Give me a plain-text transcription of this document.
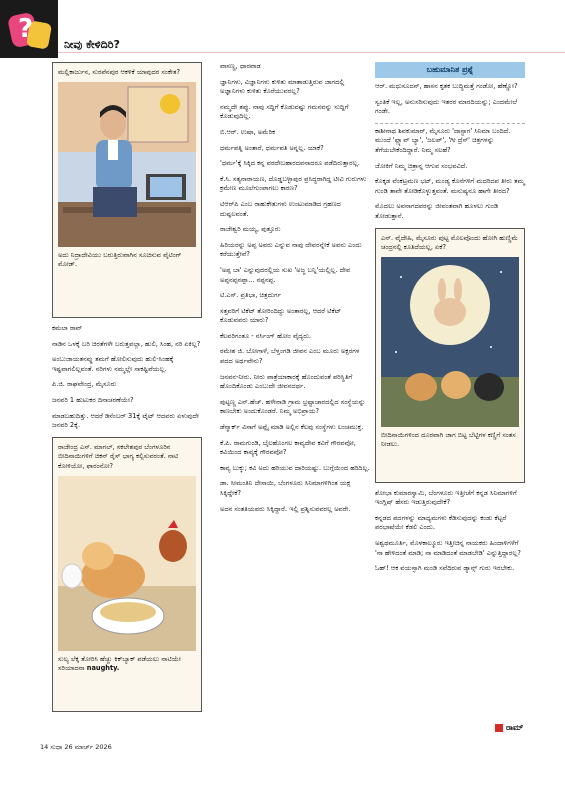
?
ನೀವು ಕೇಳಿದಿರಿ?
ಮಲ್ಲಿಕಾರ್ಜುನ, ಸುರಪೆನಪುರ ಆಕಳಿಕೆ ಯಾವುದರ ಸಂಕೇತ?
ಅದು ನಿದ್ರಾದೇವಿಯು ಬರುತ್ತಿರುವಾಗಿನ ಸೂಚಿಸುವ ವೈಟಿಂಗ್ ಮೋಡ್.

ಕಮಲಾ ರಾವ್

ನಾಡಿನ ಒಳಕ್ಕೆ ಬರಿ ಚಿರತೆಗಳೇ ಬರುತ್ತವಲ್ಲಾ, ಹುಲಿ, ಸಿಂಹ, ನರಿ ಏಕಿಲ್ಲ?

ಅಂಬುಜಾಯತನವ್ನು ತಮಗೆ ಹೋಲಿಸುವುದು ಹುಲಿ-ಸಿಂಹಕ್ಕೆ ಇಷ್ಟವಾಗಲಿಲ್ಲವಂತೆ. ನರಿಗಳು ನಮ್ಮಲ್ಲೇ ಸಾಕಷ್ಟಿವೆಯಲ್ಲ.

ಪಿ.ಜಿ. ರಾಘವೇಂದ್ರ, ಮೈಸೂರು

ಜನವರಿ 1 ಹುಟುಕರ ದಿನಾಚರಣೆಯೇ?

ಮಾಡಬಹುದಿತ್ತು. ಆದರೆ ಡಿಸೆಂಬರ್ 31ಕ್ಕೆ ಟೈಟ್ ಆದವರು ಏಳುವುದೇ ಜನವರಿ 2ಕ್ಕೆ.

ರಾಜೇಂದ್ರ ಎಸ್. ಮಾಗಲ್, ಸಕಲೇಶಪುರ ಬೆಂಗಳೂರಿನ ಬೀದಿನಾಯಿಗಳಿಗೆ ಚಿಕನ್ ರೈಸ್ ಭಾಗ್ಯ ಕಲ್ಪಿಸುವರಂತೆ. ನಾಟಿ ಕೋಳಿಯೋ, ಫಾರಂನೋ?
ಸುಲ್ಯ ಲೆಕ್ಕ ತೋರಿಸಿ ಹೆಚ್ಚು ಕಿಕ್‌ಬ್ಯಾಕ್ ಪಡೆಯಲು ನಾಟಿಯೇ ಸರಿಯಾದನಾ naughty.

ವಾಸಣ್ಣ, ಧಾರವಾಡ

ಜ್ಞಾನಿಗಳು, ವಿಜ್ಞಾನಿಗಳು ಕುಳಿತು ಮಾತಾಡುತ್ತಿರುವ ಜಾಗದಲ್ಲಿ ಅಜ್ಞಾನಿಗಳು ಕುಳಿತು ಕೊರೆಯುವರಲ್ಲ?

ನಮ್ಮದೇ ತಪ್ಪು. ನಾವು ಸದ್ದಿಗೆ ಕೊಡುವಷ್ಟು ಗಮನವನ್ನು ಸುದ್ದಿಗೆ ಕೊಡುವುದಿಲ್ಲ.

ಬಿ.ಆರ್. ಉಷಾ, ಅಮೆರಿಕ

ಧರ್ಮಪತ್ನಿ ಅಂತಾರೆ, ಧರ್ಮಪತಿ ಅನ್ನಲ್ಲ. ಯಾಕೆ?

'ಧರ್ಮ'ಕ್ಕೆ ಸಿಕ್ಕಿದ ಕನ್ನ ವರದೇಬಹಾರದವನಾದರೂ ಪಡೆದಿರುತ್ತಾರಲ್ಲ.

ಕೆ.ಸಿ. ಸತ್ಯನಾರಾಯಣ, ದೊಡ್ಡಬಳ್ಳಾಪುರ ಪ್ರಸಿದ್ಧರಾಗಿದ್ದ ಟೀವಿ ಗುರುಗಳು ಕ್ರಮೇಣ ಮೂಲೆಗುಂಪಾಗಲು ಕಾರಣ?

ಟಿಆರ್‌ಪಿ ಎಂಬ ರಾಹುಕೇತುಗಳು ಉಂಟುಮಾಡಿದ ಗ್ರಹಣದ ದುಷ್ಪಲವಂತೆ.

ರಾಜೇಶ್ವರಿ ಮಯ್ಯ, ಪುತ್ತೂರು

ಹಿರಿಯರನ್ನು ಅಪ್ಪ ಅವರು ಎನ್ನುವ ನಾವು ದೇವರನ್ನೇಕೆ ಅವನು ಎಂದು ಕರೆಯುತ್ತೇವೆ?

'ಅಪ್ಪ ಬಾ' ಎನ್ನುವುದರಲ್ಲಿಯ ಸುಖ 'ಅಜ್ಜ ಬನ್ನಿ'ಯಲ್ಲಿಲ್ಲ. ದೇವ ಅಪ್ಪನಪ್ಪನಪ್ಪಾ... ನಪ್ಪನಪ್ಪ.

ಟಿ.ಎಸ್. ಪ್ರತಿಭಾ, ಚಿತ್ರದುರ್ಗ

ಸತ್ತವರಿಗೆ ಟಿಕೆಟ್ ತೋರಿಂದಿದ್ದು ಅಂತಾರಲ್ಲ, ಆದರೆ ಟಿಕೆಟ್ ಕೊಡುವವರು ಯಾರು?

ಕೆಲವರಿಗಂತೂ - ನರ್ಸಿಂಗ್ ಹೋಂ ವೈದ್ಯರು.

ರಮೇಶ ಜಿ. ಬೋಗಾಳೆ, ಬೆಳ್ತಂಗಡಿ ಜೀವನ ಎಂಬ ಮೂರು ಅಕ್ಷರಗಳ ಪದದ ಅರ್ಥವೇನು?

ಜನವನ-ನೀರು. ನೀರು ಪಾತ್ರೆಯಾಕಾರಕ್ಕೆ ಹೊಂದುವಂತೆ ಪರಿಸ್ಥಿತಿಗೆ ಹೊಂದಿಕೊಂಡು ಎಂಬುದೇ ಜೀವನದರ್ಥ.

ಪುಟ್ಟಣ್ಣ ಎನ್.ಹೆಚ್. ಹಳೇನಾಡಿ ಗ್ರಾಮ ಭ್ರಷ್ಟಾಚಾರದಲ್ಲಿದ ಸಂಸ್ಥೆಯನ್ನು ಕಾಣಬೇಕು ಅಂದುಕೊಂಡರೆ. ನಿಮ್ಮ ಅಭಿಪ್ರಾಯ?

ಡೆನ್ಮಾರ್ಕ್ ವಿಸಾಗೆ ಅಪ್ಲೈ ಮಾಡಿ ಅಲ್ಲಿನ ಕೆಲವು ಸಂಸ್ಥೆಗಳು ಲಂಚಮುಕ್ತ.

ಕೆ.ಪಿ. ರಾಮಗುಂಡಿ, ಬೈಲಹೊಂಗಲ ಕಾವ್ಯದೇವ ಕವಿಗೆ ಗೌರವವೋ, ಕವಿಯಿಂದ ಕಾವ್ಯಕ್ಕೆ ಗೌರವವೋ?

ಕಾವ್ಯ ಬುಕ್ಕು; ಕವಿ ಅದು ಹರಿಯುವ ದಾರಿಯಷ್ಟು. ಬುಗ್ಗೆಯಿಂದ ಹರಿದಿಲ್ಲ.

ಡಾ. ಸೀಮಂತಿನಿ ದೇಸಾಯಿ, ಬೆಂಗಳೂರು ಸಿನಿಮಾಗಳಿಗಿಂತ ಯಕ್ಷ ಸಿಕ್ಕಿದ್ದೇಕೆ?

ಅದನ ಸಂತತಿಯವರು ಸಿಕ್ಕಿದ್ದಾರೆ. ಇಲ್ಲಿ ಪ್ರಶ್ನಿಸುವವರಲ್ಲ ಅವರೇ.

ಬಹುಮಾನಿತ ಪ್ರಶ್ನೆ

ಆರ್. ಮಧುಸೂದನ್, ಹಾಸನ ಕೃತಕ ಬುದ್ಧಿಮತ್ತೆ ಗಂಡೋ, ಹೆಣ್ಣೋ?

ಸ್ವಂತಿಕೆ ಇಲ್ಲ, ಅನುಸರಿಸುವುದು ಇತರರ ಮಾರದಿಯನ್ನು; ಎಂದಮೇಲೆ ಗಂಡೇ.

ಕಾಶೀನಾಥ ಶಿವಕುಮಾರ್, ಮೈಸೂರು 'ದಾಸ್ಟಾಗ' ಸಿನಿಮಾ ಬಂದಿದೆ. ಮುಂದೆ 'ಫ್ಲ್ಯಾವ್ ಬ್ಯಾ', 'ಜಲಪ್', 'ಗೀ ದ್ರೆಸ್' ಚಿತ್ರಗಳನ್ನು ತೆಗೆಯಬೇಕೆಂದಿದ್ದಾರೆ. ನಿಮ್ಮ ಸಲಹೆ?

ಜೋಕಿಗೆ ನಿಮ್ಮ ಚಿತ್ರಾನ್ನ ಆಗುವ ಸಂಭವವಿದೆ.

ಕೊಕ್ಕಡ ವೆಂಕಟ್ರಮಣ ಭಟ್, ಮಂಡ್ಯ ಕೊನೆಗಳಿಗೆ ಮದರಿದಪ ತೀರು ತಮ್ಮ ಗುಂಡಿ ತಾವೇ ತೋಡಿಕೊಳ್ಳುತ್ತವಂತೆ. ಮನುಷ್ಯನೂ ಹಾಗೇ ತೀರದ?

ಮೊದಲು ಅವನಾಗದವರನ್ನು ಜೀವಂತವಾಗಿ ಹೂಳಲು ಗುಂಡಿ ತೋಡುತ್ತಾನೆ.

ಎನ್. ವೈದೇಹಿ, ಮೈಸೂರು ಪುಟ್ಟ ಮೊಲವೊಂದು ಹೋಗಿ ಹುಣ್ಣಿಮೆ ಚಂದ್ರನಲ್ಲಿ ಕೂತಿದೆಯಲ್ಲ, ಏಕೆ?
ಬೀದಿನಾಯಿಗಳಿಂದ ದೂರವಾಗಿ ಜಾಗ ಬಿಟ್ಟ ಬೆಟ್ಟಿಗಳ ಕಣ್ಣಿಗೆ ಸಂತಸ ನೀಡಲು.

ಶೋಭಾ ಕುಮಾರಸ್ವಾಮಿ, ಬೆಂಗಳೂರು ಇತ್ತೀಚೆಗೆ ಕನ್ನಡ ಸಿನಿಮಾಗಳಿಗೆ ಇಂಗ್ಲಿಷ್ ಹೆಸರು ಇಡುತ್ತಿರುವುದೇಕೆ?

ಕನ್ನಡದ ಪದಗಳನ್ನು ಮಾಧ್ಯಮಗಳು ಕೆಡಿಸುವುದನ್ನು ಕಂಡು ಕೆಟ್ಟರೆ ಪರಭಾಷೆಯೇ ಕೆಡಲಿ ಎಂದು.

ಅಶ್ವಥಮೂರ್ತಿ, ಮೊಳಕಾಲ್ಮೂರು ಇತ್ತೀಚಿನ್ನ ನಾಯಕರು ಹಿಂದಾಳಿಗಳೆಗೆ 'ನಾ ಹೇಳಿದಂತೆ ಮಾಡಿ; ನಾ ಮಾಡಿದಂತೆ ಮಾಡಬೇಡಿ' ಎನ್ನುತ್ತಿದ್ದಾರಲ್ಲ?

ಓಹ್! ಆಕ ವಯಸ್ಸಾಗಿ ಮಂಡಿ ಸವೆದಿರುವ ಡ್ಯಾನ್ಸ್ ಗುರು ಇರಬೇಕು.

14 ಸುಧಾ 26 ಮಾರ್ಚ್ 2026
ರಾಮ್
